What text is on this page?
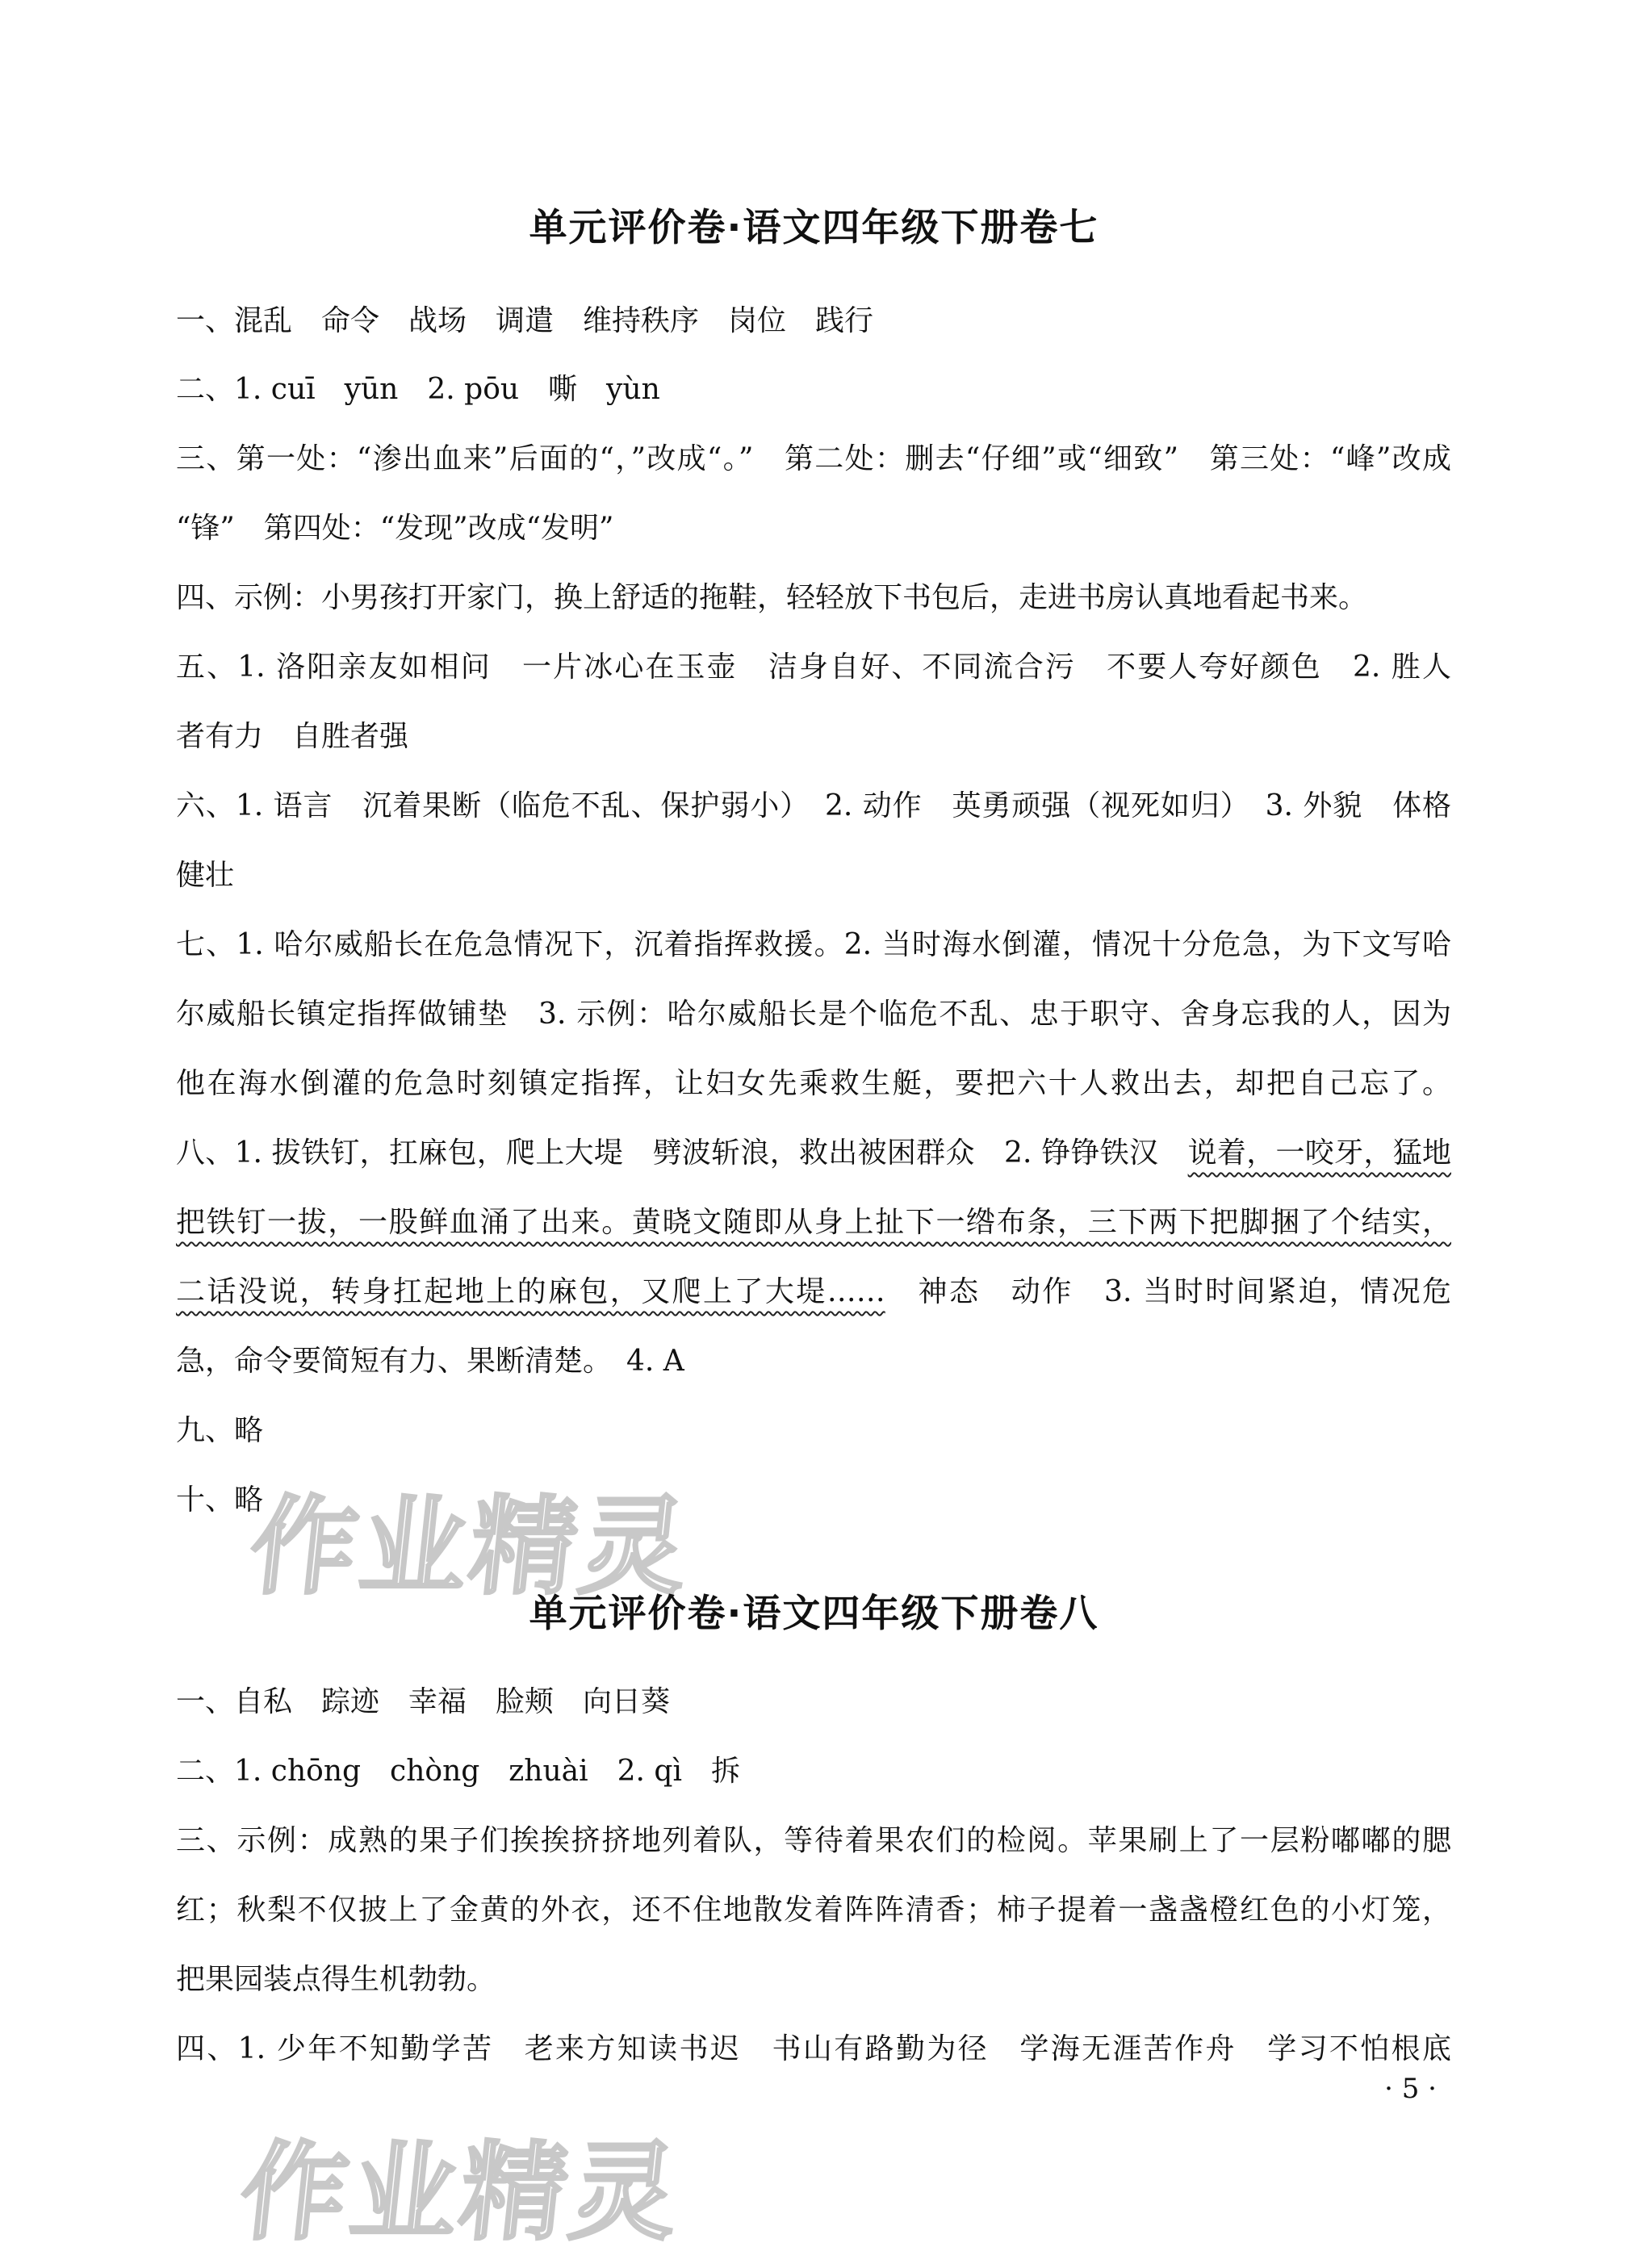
单元评价卷·语文四年级下册卷七
一、混乱　命令　战场　调遣　维持秩序　岗位　践行
二、1. cuī　yūn　2. pōu　嘶　yùn
三、第一处：“渗出血来”后面的“，”改成“。”　第二处：删去“仔细”或“细致”　第三处：“峰”改成
“锋”　第四处：“发现”改成“发明”
四、示例：小男孩打开家门，换上舒适的拖鞋，轻轻放下书包后，走进书房认真地看起书来。
五、1. 洛阳亲友如相问　一片冰心在玉壶　洁身自好、不同流合污　不要人夸好颜色　2. 胜人
者有力　自胜者强
六、1. 语言　沉着果断（临危不乱、保护弱小）　2. 动作　英勇顽强（视死如归）　3. 外貌　体格
健壮
七、1. 哈尔威船长在危急情况下，沉着指挥救援。2. 当时海水倒灌，情况十分危急，为下文写哈
尔威船长镇定指挥做铺垫　3. 示例：哈尔威船长是个临危不乱、忠于职守、舍身忘我的人，因为
他在海水倒灌的危急时刻镇定指挥，让妇女先乘救生艇，要把六十人救出去，却把自己忘了。
八、1. 拔铁钉，扛麻包，爬上大堤　劈波斩浪，救出被困群众　2. 铮铮铁汉　说着，一咬牙，猛地
把铁钉一拔，一股鲜血涌了出来。黄晓文随即从身上扯下一绺布条，三下两下把脚捆了个结实，
二话没说，转身扛起地上的麻包，又爬上了大堤……　神态　动作　3. 当时时间紧迫，情况危
急，命令要简短有力、果断清楚。　4. A
九、略
十、略
作业精灵
单元评价卷·语文四年级下册卷八
一、自私　踪迹　幸福　脸颊　向日葵
二、1. chōng　chòng　zhuài　2. qì　拆
三、示例：成熟的果子们挨挨挤挤地列着队，等待着果农们的检阅。苹果刷上了一层粉嘟嘟的腮
红；秋梨不仅披上了金黄的外衣，还不住地散发着阵阵清香；柿子提着一盏盏橙红色的小灯笼，
把果园装点得生机勃勃。
四、1. 少年不知勤学苦　老来方知读书迟　书山有路勤为径　学海无涯苦作舟　学习不怕根底
作业精灵
· 5 ·
